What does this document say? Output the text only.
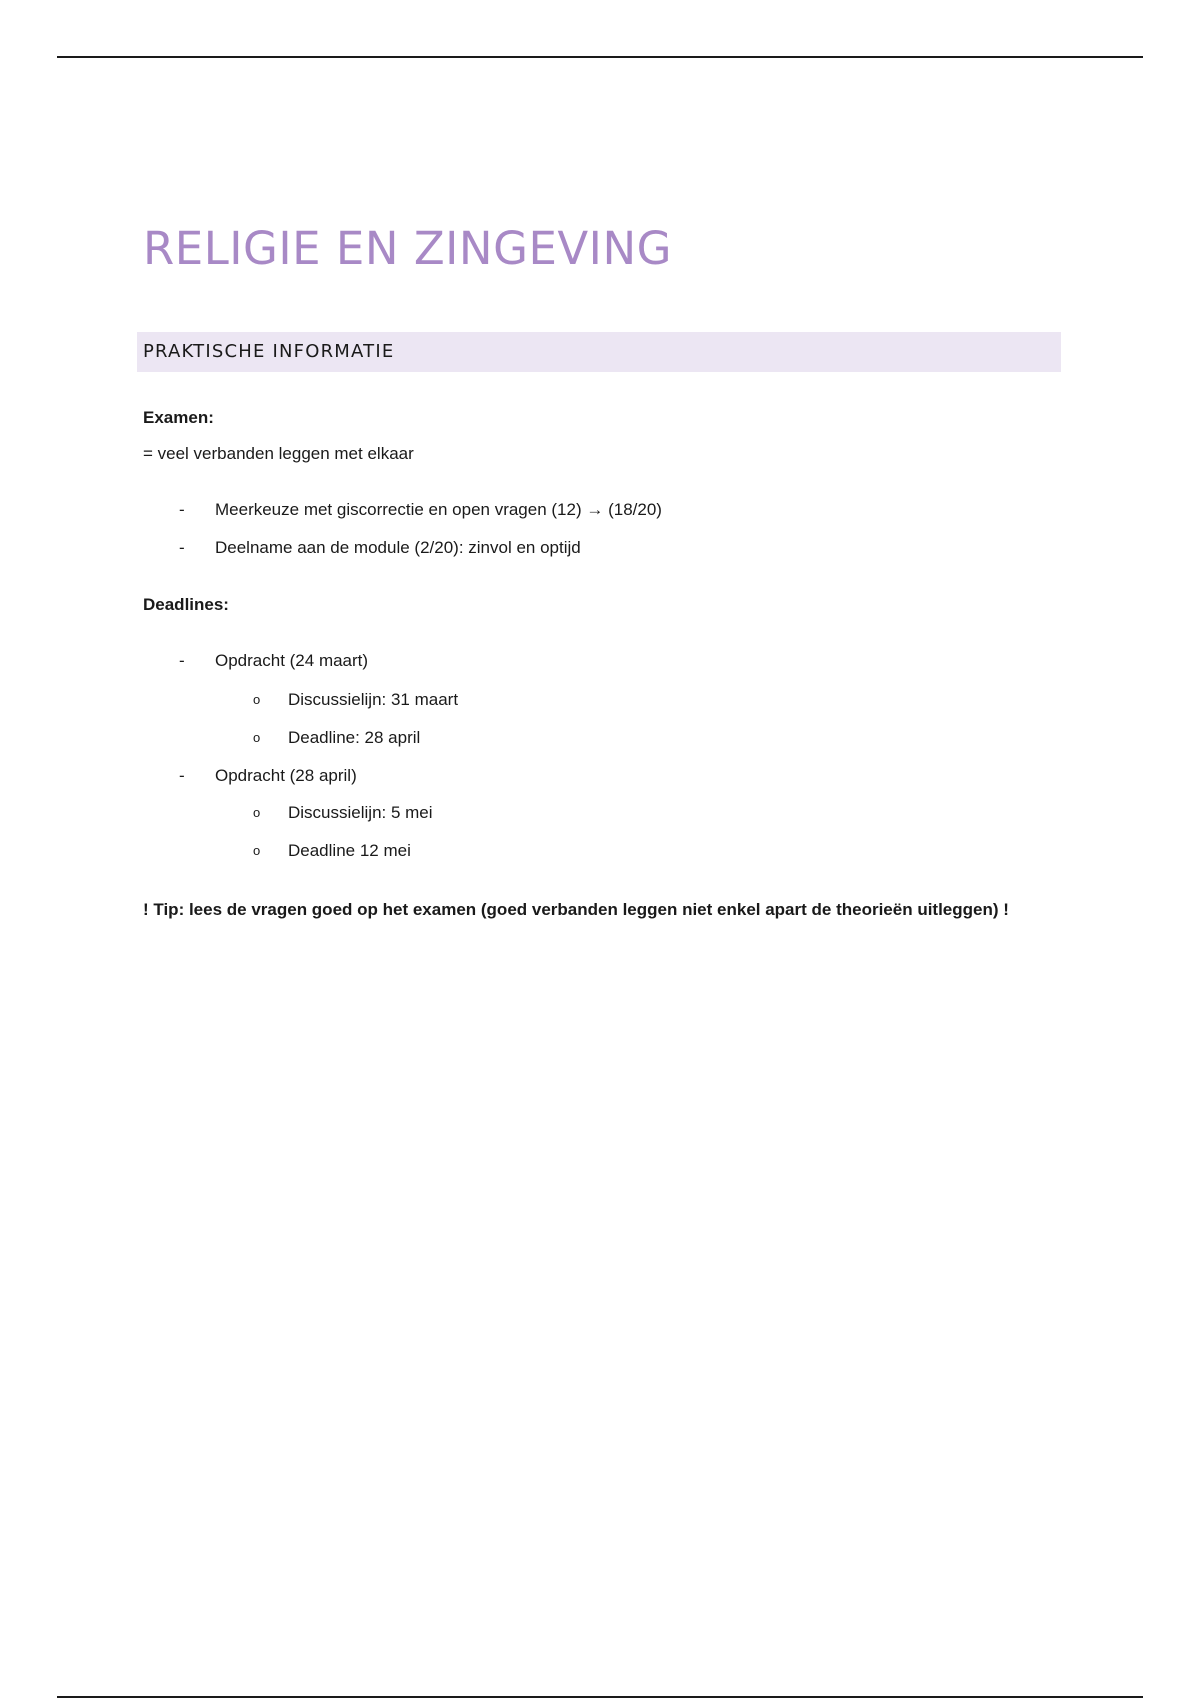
RELIGIE EN ZINGEVING
PRAKTISCHE INFORMATIE
Examen:
= veel verbanden leggen met elkaar
-	Meerkeuze met giscorrectie en open vragen (12) → (18/20)
-	Deelname aan de module (2/20): zinvol en optijd
Deadlines:
-	Opdracht (24 maart)
o Discussielijn: 31 maart
o Deadline: 28 april
-	Opdracht (28 april)
o Discussielijn: 5 mei
o Deadline 12 mei
! Tip: lees de vragen goed op het examen (goed verbanden leggen niet enkel apart de theorieën uitleggen) !
